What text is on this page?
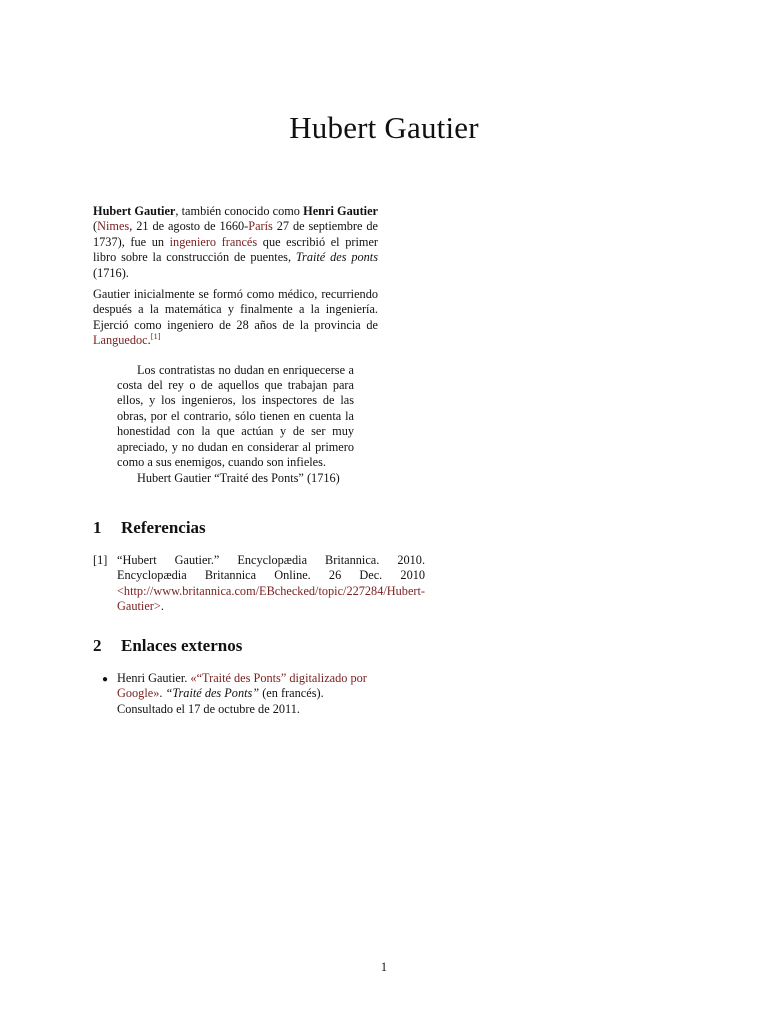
Hubert Gautier

Hubert Gautier, también conocido como Henri Gautier (Nimes, 21 de agosto de 1660-París 27 de septiembre de 1737), fue un ingeniero francés que escribió el primer libro sobre la construcción de puentes, Traité des ponts (1716).

Gautier inicialmente se formó como médico, recurriendo después a la matemática y finalmente a la ingeniería. Ejerció como ingeniero de 28 años de la provincia de Languedoc.[1]

Los contratistas no dudan en enriquecerse a costa del rey o de aquellos que trabajan para ellos, y los ingenieros, los inspectores de las obras, por el contrario, sólo tienen en cuenta la honestidad con la que actúan y de ser muy apreciado, y no dudan en considerar al primero como a sus enemigos, cuando son infieles.
Hubert Gautier “Traité des Ponts” (1716)
1 Referencias
[1] “Hubert Gautier.” Encyclopædia Britannica. 2010. Encyclopædia Britannica Online. 26 Dec. 2010 <http://www.britannica.com/EBchecked/topic/227284/Hubert-Gautier>.
2 Enlaces externos
● Henri Gautier. «“Traité des Ponts” digitalizado por Google». “Traité des Ponts” (en francés). Consultado el 17 de octubre de 2011.
1
